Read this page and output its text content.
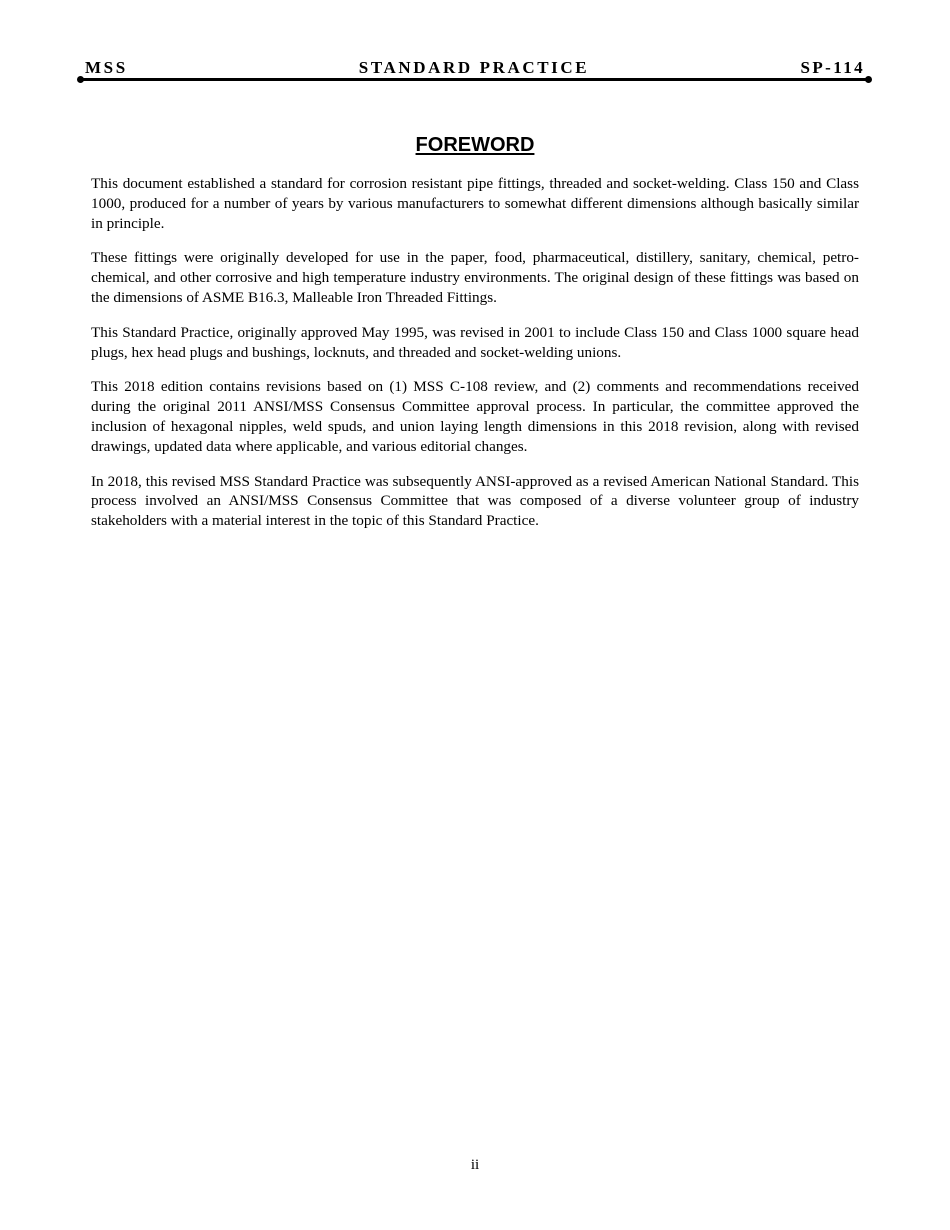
MSS	STANDARD PRACTICE	SP-114
FOREWORD

This document established a standard for corrosion resistant pipe fittings, threaded and socket-welding. Class 150 and Class 1000, produced for a number of years by various manufacturers to somewhat different dimensions although basically similar in principle.

These fittings were originally developed for use in the paper, food, pharmaceutical, distillery, sanitary, chemical, petro-chemical, and other corrosive and high temperature industry environments. The original design of these fittings was based on the dimensions of ASME B16.3, Malleable Iron Threaded Fittings.

This Standard Practice, originally approved May 1995, was revised in 2001 to include Class 150 and Class 1000 square head plugs, hex head plugs and bushings, locknuts, and threaded and socket-welding unions.

This 2018 edition contains revisions based on (1) MSS C-108 review, and (2) comments and recommendations received during the original 2011 ANSI/MSS Consensus Committee approval process. In particular, the committee approved the inclusion of hexagonal nipples, weld spuds, and union laying length dimensions in this 2018 revision, along with revised drawings, updated data where applicable, and various editorial changes.

In 2018, this revised MSS Standard Practice was subsequently ANSI-approved as a revised American National Standard. This process involved an ANSI/MSS Consensus Committee that was composed of a diverse volunteer group of industry stakeholders with a material interest in the topic of this Standard Practice.

ii
